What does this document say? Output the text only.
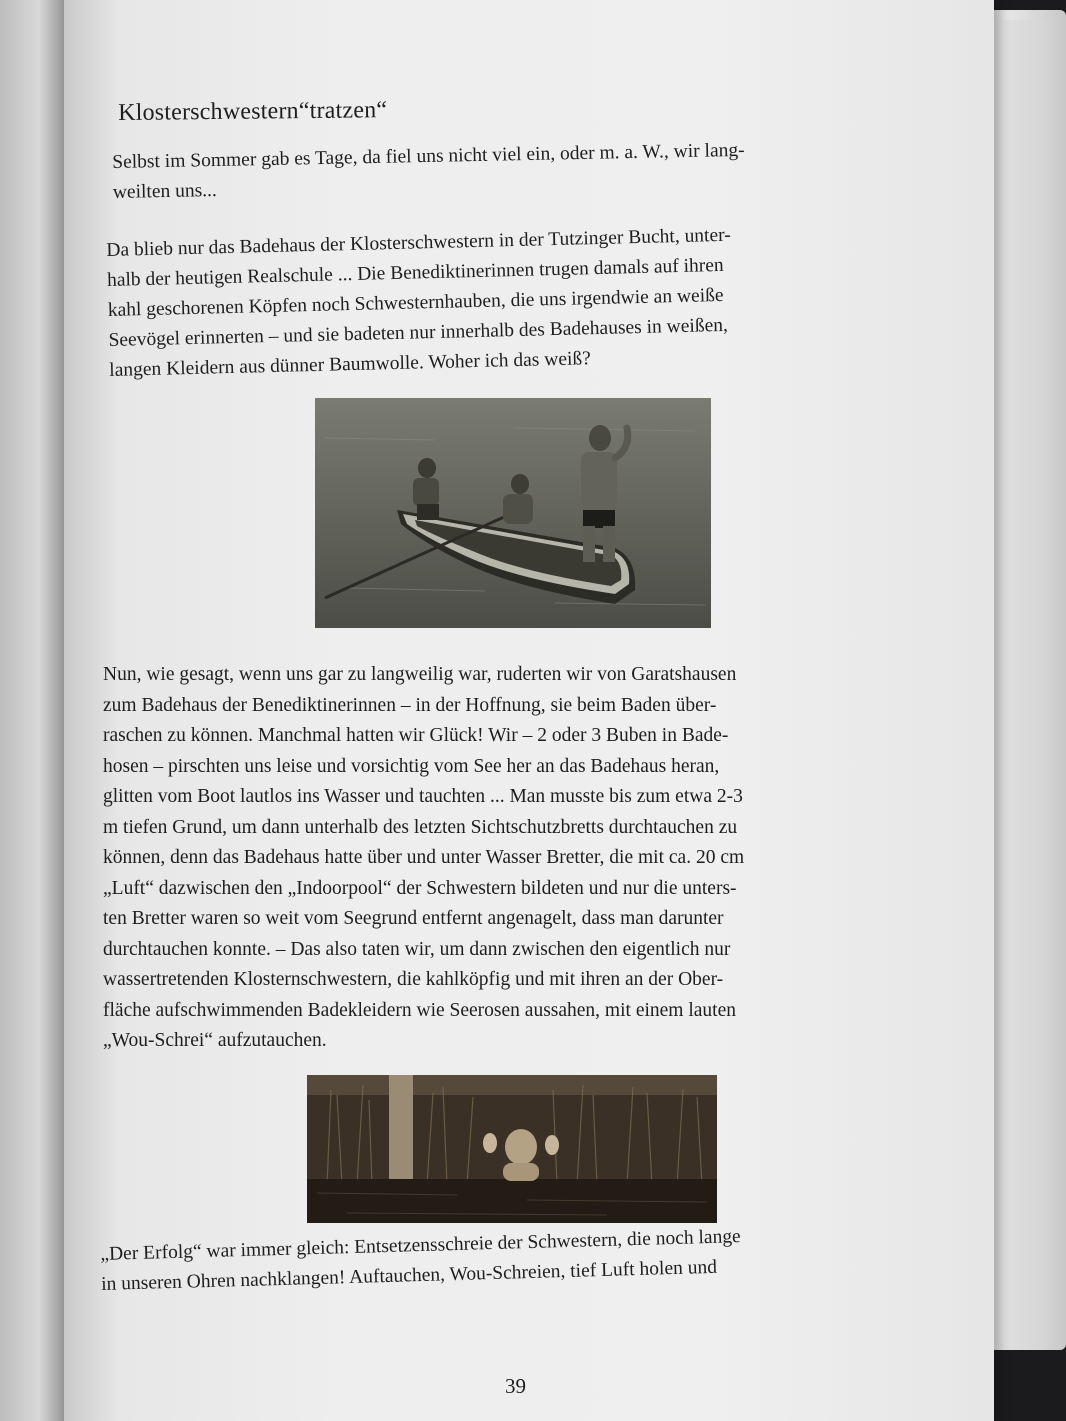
Klosterschwestern“tratzen“

Selbst im Sommer gab es Tage, da fiel uns nicht viel ein, oder m. a. W., wir lang-
weilten uns...

Da blieb nur das Badehaus der Klosterschwestern in der Tutzinger Bucht, unter-
halb der heutigen Realschule ... Die Benediktinerinnen trugen damals auf ihren
kahl geschorenen Köpfen noch Schwesternhauben, die uns irgendwie an weiße
Seevögel erinnerten – und sie badeten nur innerhalb des Badehauses in weißen,
langen Kleidern aus dünner Baumwolle. Woher ich das weiß?

Nun, wie gesagt, wenn uns gar zu langweilig war, ruderten wir von Garatshausen
zum Badehaus der Benediktinerinnen – in der Hoffnung, sie beim Baden über-
raschen zu können. Manchmal hatten wir Glück! Wir – 2 oder 3 Buben in Bade-
hosen – pirschten uns leise und vorsichtig vom See her an das Badehaus heran,
glitten vom Boot lautlos ins Wasser und tauchten ... Man musste bis zum etwa 2-3
m tiefen Grund, um dann unterhalb des letzten Sichtschutzbretts durchtauchen zu
können, denn das Badehaus hatte über und unter Wasser Bretter, die mit ca. 20 cm
„Luft“ dazwischen den „Indoorpool“ der Schwestern bildeten und nur die unters-
ten Bretter waren so weit vom Seegrund entfernt angenagelt, dass man darunter
durchtauchen konnte. – Das also taten wir, um dann zwischen den eigentlich nur
wassertretenden Klosternschwestern, die kahlköpfig und mit ihren an der Ober-
fläche aufschwimmenden Badekleidern wie Seerosen aussahen, mit einem lauten
„Wou-Schrei“ aufzutauchen.

„Der Erfolg“ war immer gleich: Entsetzensschreie der Schwestern, die noch lange
in unseren Ohren nachklangen! Auftauchen, Wou-Schreien, tief Luft holen und

39
